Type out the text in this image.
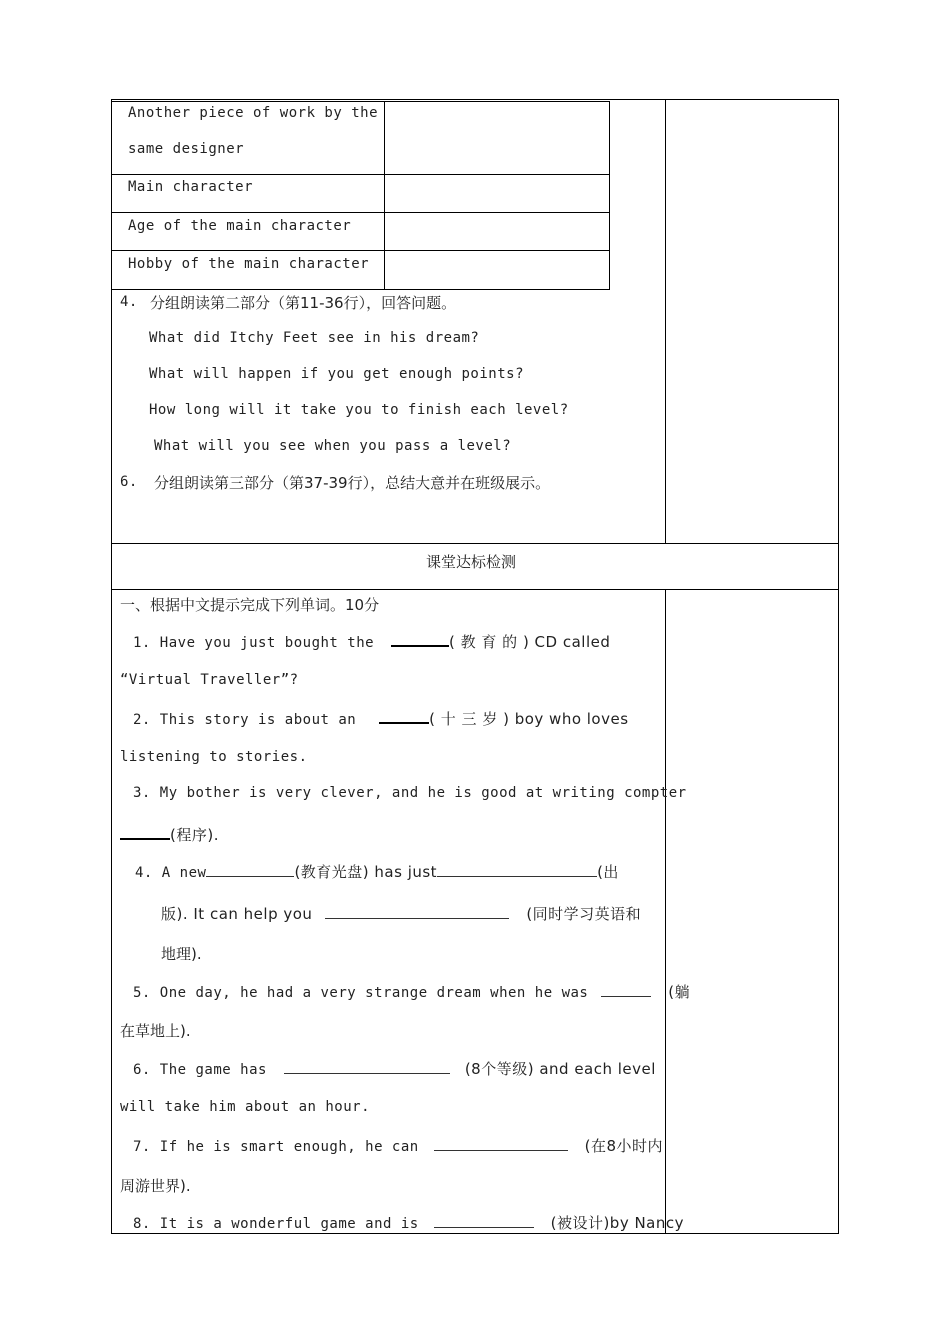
Another piece of work by the
same designer
Main character
Age of the main character
Hobby of the main character
4. 分组朗读第二部分（第11-36行），回答问题。
What did Itchy Feet see in his dream?
What will happen if you get enough points?
How long will it take you to finish each level?
What will you see when you pass a level?
6. 分组朗读第三部分（第37-39行），总结大意并在班级展示。
课堂达标检测
一、根据中文提示完成下列单词。10分
1. Have you just bought the	( 教 育 的 ) CD called
“Virtual Traveller”?
2. This story is about an	( 十 三 岁 ) boy who loves
listening to stories.
3. My bother is very clever, and he is good at writing compter
(程序).
4. A new	(教育光盘) has just	(出
版). It can help you	(同时学习英语和
地理).
5. One day, he had a very strange dream when he was	(躺
在草地上).
6. The game has	(8个等级) and each level
will take him about an hour.
7. If he is smart enough, he can	(在8小时内
周游世界).
8. It is a wonderful game and is	(被设计)by Nancy
